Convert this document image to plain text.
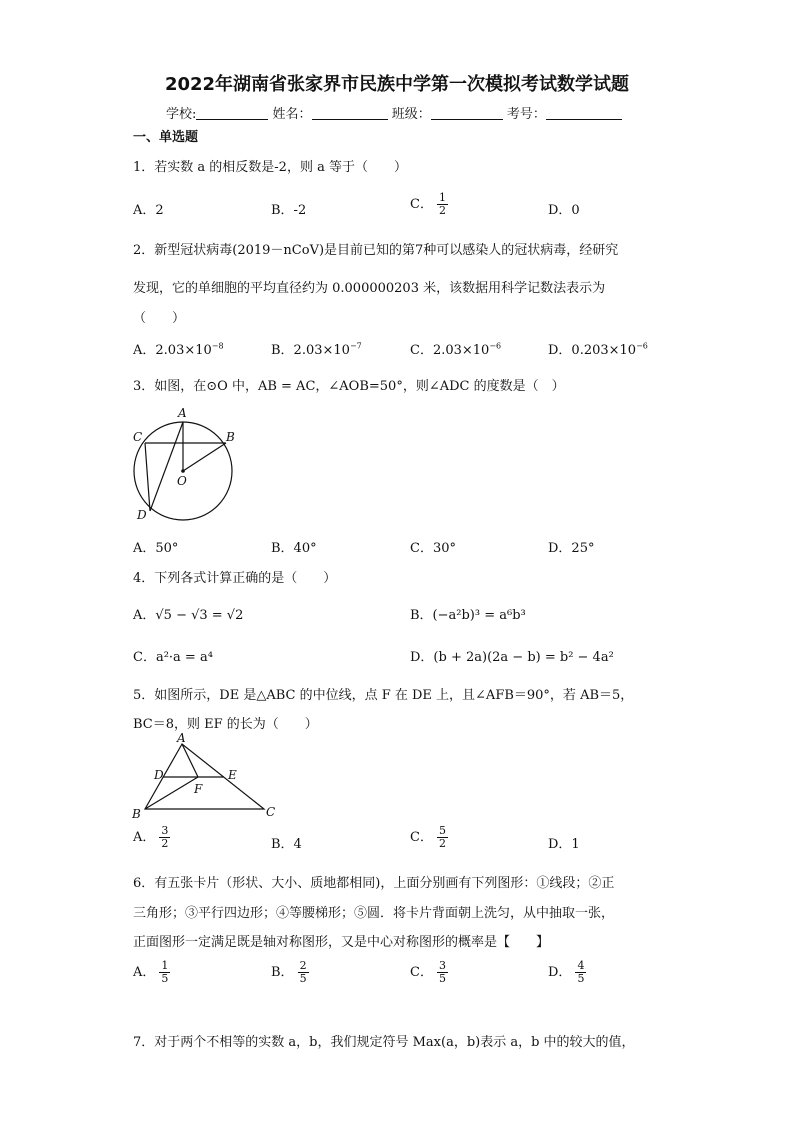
2022年湖南省张家界市民族中学第一次模拟考试数学试题
学校:	姓名：	班级：	考号：
一、单选题
1．若实数 a 的相反数是-2，则 a 等于（　　）
A．2	B．-2	C． $\frac{1}{2}$	D．0
2．新型冠状病毒(2019－nCoV)是目前已知的第7种可以感染人的冠状病毒，经研究
发现，它的单细胞的平均直径约为 0.000000203 米，该数据用科学记数法表示为
（　　）
A．$2.03\times 10^{-8}$	B．$2.03\times 10^{-7}$	C．$2.03\times 10^{-6}$	D．$0.203\times 10^{-6}$
3．如图，在⊙O 中，AB = AC，∠AOB=50°，则∠ADC 的度数是（　）
A
B
C
D
O
A．50°	B．40°	C．30°	D．25°
4．下列各式计算正确的是（　　）
A．√5 − √3 = √2	B．(−a²b)³ = a⁶b³
C．a²·a = a⁴	D．(b + 2a)(2a − b) = b² − 4a²
5．如图所示，DE 是△ABC 的中位线，点 F 在 DE 上，且∠AFB＝90°，若 AB＝5，
BC＝8，则 EF 的长为（　　）
A
D	E
F
B	C
A． $\frac{3}{2}$	B．4	C． $\frac{5}{2}$	D．1
6．有五张卡片（形状、大小、质地都相同)，上面分别画有下列图形：①线段；②正
三角形；③平行四边形；④等腰梯形；⑤圆．将卡片背面朝上洗匀，从中抽取一张，
正面图形一定满足既是轴对称图形，又是中心对称图形的概率是【　　】
A． $\frac{1}{5}$	B． $\frac{2}{5}$	C． $\frac{3}{5}$	D． $\frac{4}{5}$
7．对于两个不相等的实数 a，b，我们规定符号 Max(a，b)表示 a，b 中的较大的值，
